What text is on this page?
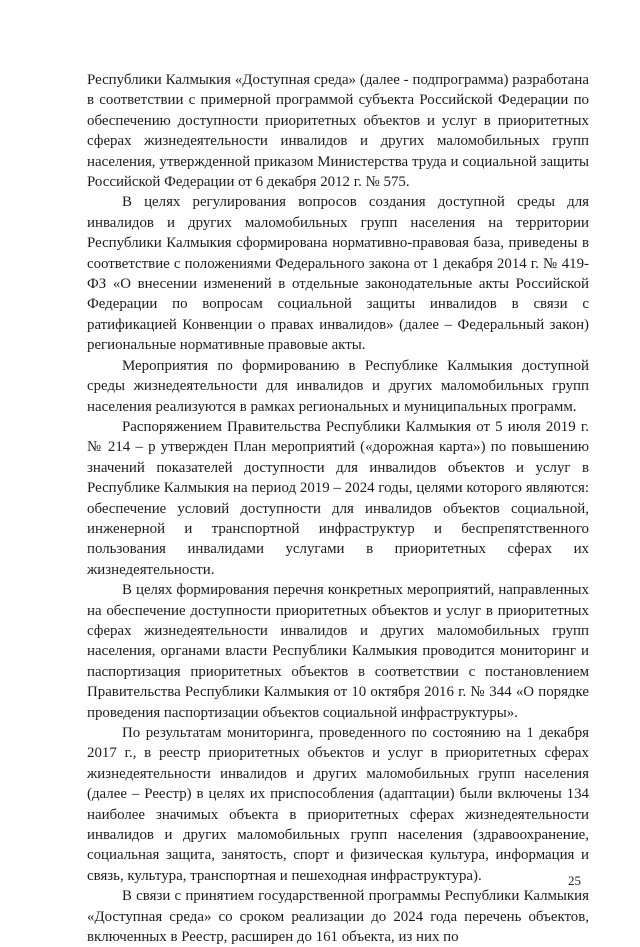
Республики Калмыкия «Доступная среда» (далее - подпрограмма) разработана в соответствии с примерной программой субъекта Российской Федерации по обеспечению доступности приоритетных объектов и услуг в приоритетных сферах жизнедеятельности инвалидов и других маломобильных групп населения, утвержденной приказом Министерства труда и социальной защиты Российской Федерации от 6 декабря 2012 г. № 575.

В целях регулирования вопросов создания доступной среды для инвалидов и других маломобильных групп населения на территории Республики Калмыкия сформирована нормативно-правовая база, приведены в соответствие с положениями Федерального закона от 1 декабря 2014 г. № 419-ФЗ «О внесении изменений в отдельные законодательные акты Российской Федерации по вопросам социальной защиты инвалидов в связи с ратификацией Конвенции о правах инвалидов» (далее – Федеральный закон) региональные нормативные правовые акты.

Мероприятия по формированию в Республике Калмыкия доступной среды жизнедеятельности для инвалидов и других маломобильных групп населения реализуются в рамках региональных и муниципальных программ.

Распоряжением Правительства Республики Калмыкия от 5 июля 2019 г. № 214 – р утвержден План мероприятий («дорожная карта») по повышению значений показателей доступности для инвалидов объектов и услуг в Республике Калмыкия на период 2019 – 2024 годы, целями которого являются: обеспечение условий доступности для инвалидов объектов социальной, инженерной и транспортной инфраструктур и беспрепятственного пользования инвалидами услугами в приоритетных сферах их жизнедеятельности.

В целях формирования перечня конкретных мероприятий, направленных на обеспечение доступности приоритетных объектов и услуг в приоритетных сферах жизнедеятельности инвалидов и других маломобильных групп населения, органами власти Республики Калмыкия проводится мониторинг и паспортизация приоритетных объектов в соответствии с постановлением Правительства Республики Калмыкия от 10 октября 2016 г. № 344 «О порядке проведения паспортизации объектов социальной инфраструктуры».

По результатам мониторинга, проведенного по состоянию на 1 декабря 2017 г., в реестр приоритетных объектов и услуг в приоритетных сферах жизнедеятельности инвалидов и других маломобильных групп населения (далее – Реестр) в целях их приспособления (адаптации) были включены 134 наиболее значимых объекта в приоритетных сферах жизнедеятельности инвалидов и других маломобильных групп населения (здравоохранение, социальная защита, занятость, спорт и физическая культура, информация и связь, культура, транспортная и пешеходная инфраструктура).

В связи с принятием государственной программы Республики Калмыкия «Доступная среда» со сроком реализации до 2024 года перечень объектов, включенных в Реестр, расширен до 161 объекта, из них по

25
